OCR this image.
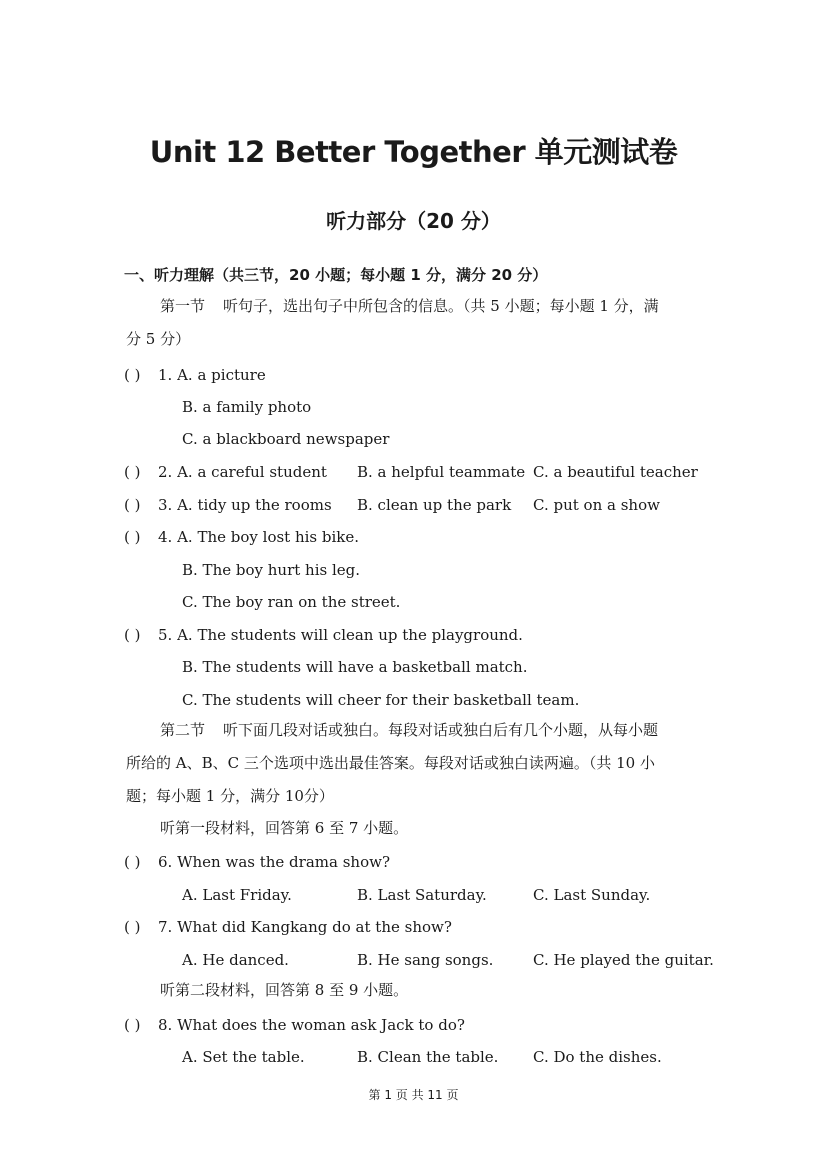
Unit 12 Better Together 单元测试卷
听力部分（20 分）
一、听力理解（共三节，20 小题；每小题 1 分，满分 20 分）
第一节 听句子，选出句子中所包含的信息。（共 5 小题；每小题 1 分，满
分 5 分）
( ) 1. A. a picture
B. a family photo
C. a blackboard newspaper
( ) 2. A. a careful student B. a helpful teammate C. a beautiful teacher
( ) 3. A. tidy up the rooms B. clean up the park C. put on a show
( ) 4. A. The boy lost his bike.
B. The boy hurt his leg.
C. The boy ran on the street.
( ) 5. A. The students will clean up the playground.
B. The students will have a basketball match.
C. The students will cheer for their basketball team.
第二节 听下面几段对话或独白。每段对话或独白后有几个小题，从每小题
所给的 A、B、C 三个选项中选出最佳答案。每段对话或独白读两遍。（共 10 小
题；每小题 1 分，满分 10分）
听第一段材料，回答第 6 至 7 小题。
( ) 6. When was the drama show?
A. Last Friday.	B. Last Saturday.	C. Last Sunday.
( ) 7. What did Kangkang do at the show?
A. He danced.	B. He sang songs.	C. He played the guitar.
听第二段材料，回答第 8 至 9 小题。
( ) 8. What does the woman ask Jack to do?
A. Set the table.	B. Clean the table. C. Do the dishes.
第 1 页 共 11 页
